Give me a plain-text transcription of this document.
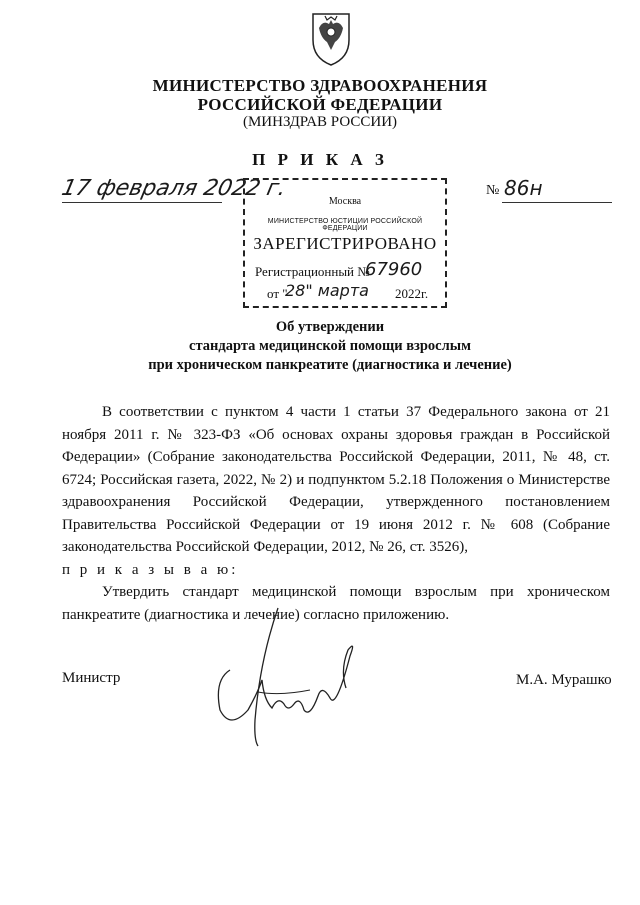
МИНИСТЕРСТВО ЗДРАВООХРАНЕНИЯ
РОССИЙСКОЙ ФЕДЕРАЦИИ
(МИНЗДРАВ РОССИИ)
П Р И К А З
17 февраля 2022 г.
Москва
МИНИСТЕРСТВО ЮСТИЦИИ РОССИЙСКОЙ ФЕДЕРАЦИИ
ЗАРЕГИСТРИРОВАНО
Регистрационный №
67960
от "
28" марта 2022г.
№ 86н
Об утверждении
стандарта медицинской помощи взрослым
при хроническом панкреатите (диагностика и лечение)

В соответствии с пунктом 4 части 1 статьи 37 Федерального закона от 21 ноября 2011 г. № 323-ФЗ «Об основах охраны здоровья граждан в Российской Федерации» (Собрание законодательства Российской Федерации, 2011, № 48, ст. 6724; Российская газета, 2022, № 2) и подпунктом 5.2.18 Положения о Министерстве здравоохранения Российской Федерации, утвержденного постановлением Правительства Российской Федерации от 19 июня 2012 г. № 608 (Собрание законодательства Российской Федерации, 2012, № 26, ст. 3526),

п р и к а з ы в а ю:

Утвердить стандарт медицинской помощи взрослым при хроническом панкреатите (диагностика и лечение) согласно приложению.

Министр	М.А. Мурашко
